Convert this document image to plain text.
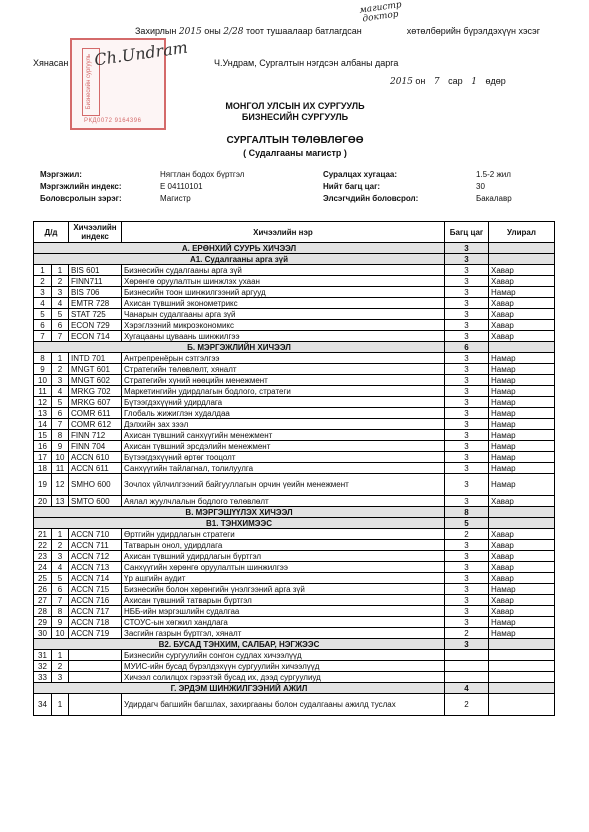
Захирлын 2015 оны 2/28 тоот тушаалаар батлагдсан	хөтөлбөрийн бүрэлдэхүүн хэсэг
магистр доктор
Хянасан	Ч.Ундрам, Сургалтын нэгдсэн албаны дарга
2015 он 7 сар 1 өдөр
Бизнесийн сургууль
Ch.Undram
РКД0072 9164396
МОНГОЛ УЛСЫН ИХ СУРГУУЛЬ
БИЗНЕСИЙН СУРГУУЛЬ
СУРГАЛТЫН ТӨЛӨВЛӨГӨӨ
( Судалгааны магистр )
Мэргэжил:	Нягтлан бодох бүртгэл
Мэргэжлийн индекс:	Е 04110101
Боловсролын зэрэг:	Магистр
Суралцах хугацаа:	1.5-2 жил
Нийт багц цаг:	30
Элсэгчдийн боловсрол:	Бакалавр
Д/д		Хичээлийн индекс	Хичээлийн нэр	Багц цаг	Улирал
А. ЕРӨНХИЙ СУУРЬ ХИЧЭЭЛ				3	
А1. Судалгааны арга зүй				3	
1	1	BIS 601	Бизнесийн судалгааны арга зүй	3	Хавар
2	2	FINN711	Хөрөнгө оруулалтын шинжлэх ухаан	3	Хавар
3	3	BIS 706	Бизнесийн тоон шинжилгээний аргууд	3	Намар
4	4	EMTR 728	Ахисан түвшний эконометрикс	3	Хавар
5	5	STAT 725	Чанарын судалгааны арга зүй	3	Хавар
6	6	ECON 729	Хэрэглээний микроэкономикс	3	Хавар
7	7	ECON 714	Хугацааны цуваань шинжилгээ	3	Хавар
Б. МЭРГЭЖЛИЙН ХИЧЭЭЛ				6	
8	1	INTD 701	Антрепренёрын сэтгэлгээ	3	Намар
9	2	MNGT 601	Стратегийн төлөвлөлт, хяналт	3	Намар
10	3	MNGT 602	Стратегийн хүний нөөцийн менежмент	3	Намар
11	4	MRKG 702	Маркетингийн удирдлагын бодлого, стратеги	3	Намар
12	5	MRKG 607	Бүтээгдэхүүний удирдлага	3	Намар
13	6	COMR 611	Глобаль жижиглэн худалдаа	3	Намар
14	7	COMR 612	Дэлхийн зах зээл	3	Намар
15	8	FINN 712	Ахисан түвшний санхүүгийн менежмент	3	Намар
16	9	FINN 704	Ахисан түвшний эрсдэлийн менежмент	3	Намар
17	10	ACCN 610	Бүтээгдэхүүний өртөг тооцолт	3	Намар
18	11	ACCN 611	Санхүүгийн тайлагнал, толилуулга	3	Намар
19	12	SMHO 600	Зочлох үйлчилгээний байгууллагын орчин үеийн менежмент	3	Намар
20	13	SMTO 600	Аялал жуулчлалын бодлого төлөвлөлт	3	Хавар
В. МЭРГЭШҮҮЛЭХ ХИЧЭЭЛ				8	
В1. ТЭНХИМЭЭС				5	
21	1	ACCN 710	Өртгийн удирдлагын стратеги	2	Хавар
22	2	ACCN 711	Татварын онол, удирдлага	3	Хавар
23	3	ACCN 712	Ахисан түвшний удирдлагын бүртгэл	3	Хавар
24	4	ACCN 713	Санхүүгийн хөрөнгө оруулалтын шинжилгээ	3	Хавар
25	5	ACCN 714	Үр ашгийн аудит	3	Хавар
26	6	ACCN 715	Бизнесийн болон хөрөнгийн үнэлгээний арга зүй	3	Намар
27	7	ACCN 716	Ахисан түвшний татварын бүртгэл	3	Хавар
28	8	ACCN 717	НББ-ийн мэргэшлийн судалгаа	3	Хавар
29	9	ACCN 718	СТОУС-ын хөгжил хандлага	3	Намар
30	10	ACCN 719	Засгийн газрын бүртгэл, хяналт	2	Намар
В2. БУСАД ТЭНХИМ, САЛБАР, НЭГЖЭЭС				3	
31	1		Бизнесийн сургуулийн сонгон судлах хичээлүүд		
32	2		МУИС-ийн бусад бүрэлдэхүүн сургуулийн хичээлүүд		
33	3		Хичээл солилцох гэрээтэй бусад их, дээд сургуулиуд		
Г. ЭРДЭМ ШИНЖИЛГЭЭНИЙ АЖИЛ				4	
34	1		Удирдагч багшийн багшлах, захиргааны болон судалгааны ажилд туслах	2	
